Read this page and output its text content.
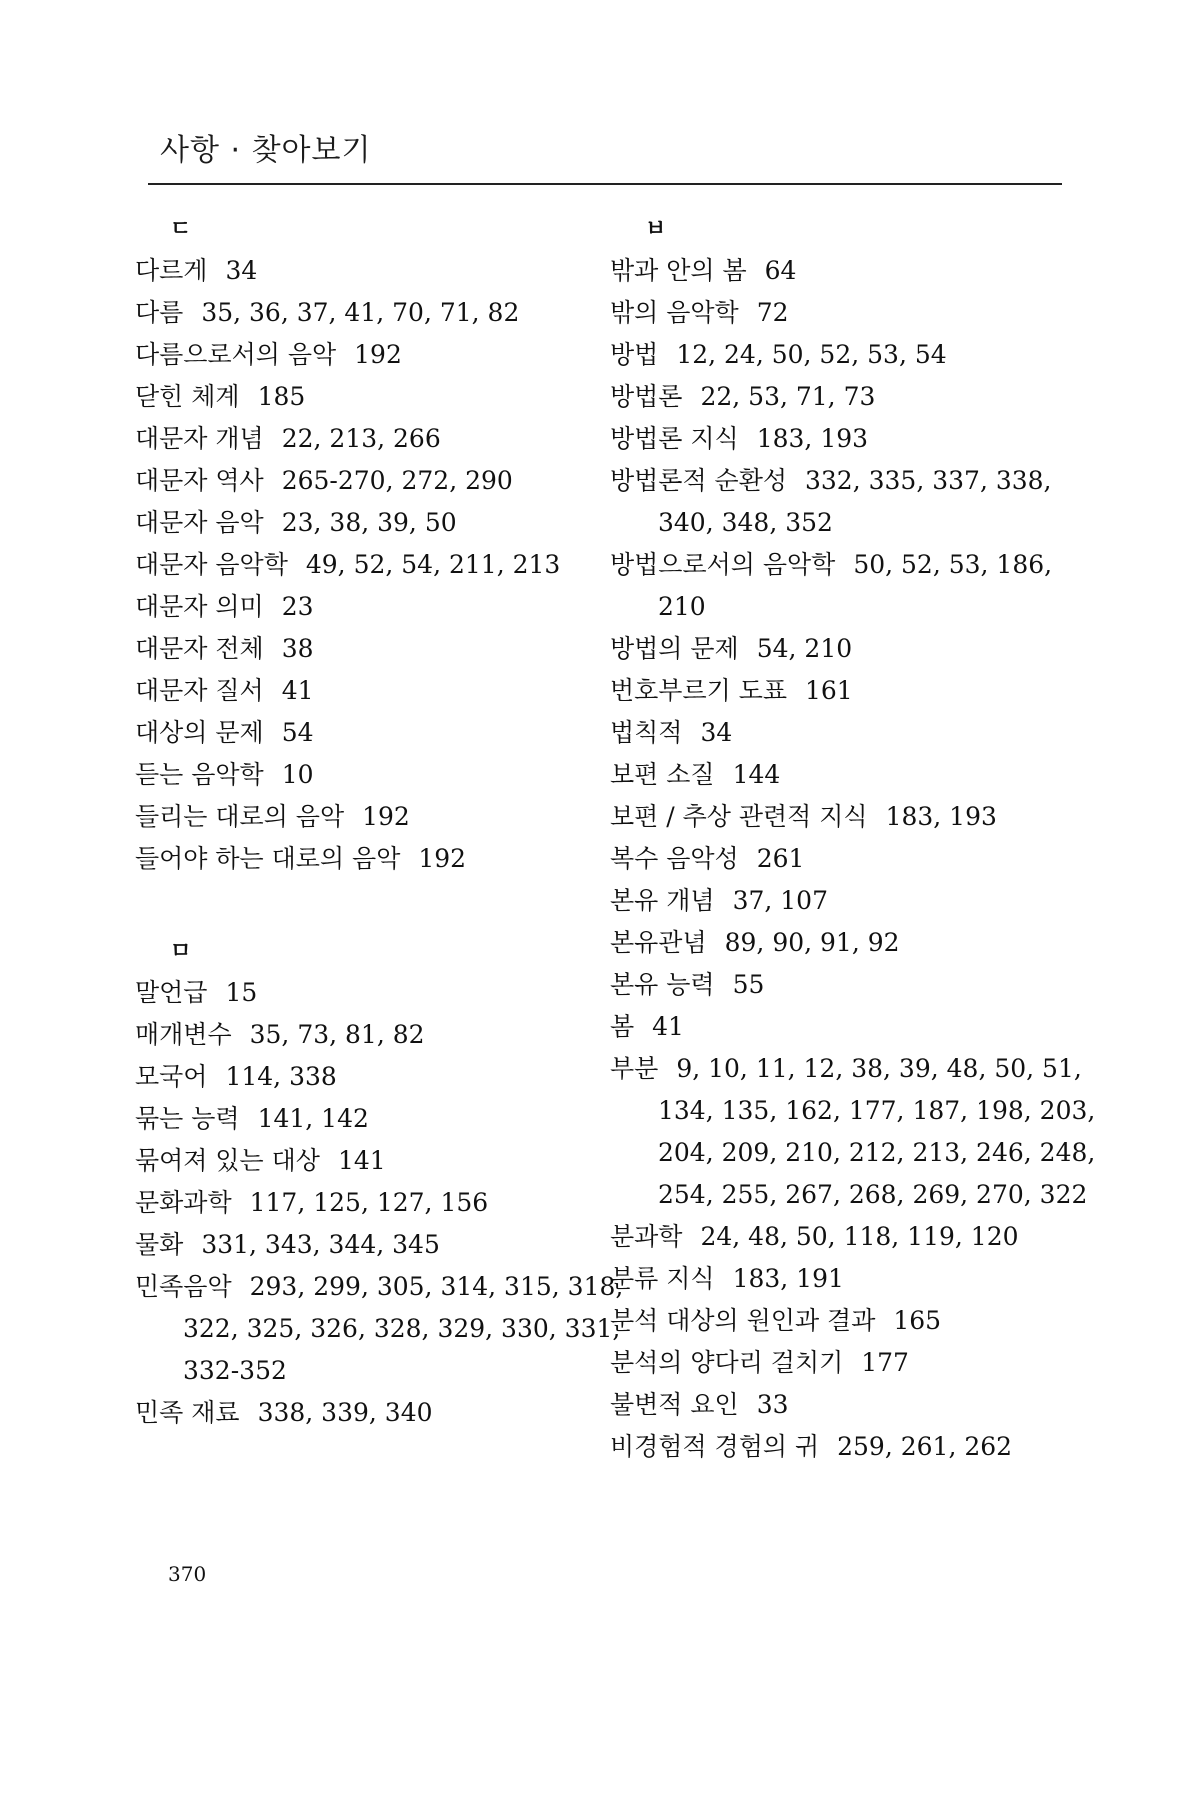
사항 · 찾아보기
ㄷ
다르게 34
다름 35, 36, 37, 41, 70, 71, 82
다름으로서의 음악 192
닫힌 체계 185
대문자 개념 22, 213, 266
대문자 역사 265-270, 272, 290
대문자 음악 23, 38, 39, 50
대문자 음악학 49, 52, 54, 211, 213
대문자 의미 23
대문자 전체 38
대문자 질서 41
대상의 문제 54
듣는 음악학 10
들리는 대로의 음악 192
들어야 하는 대로의 음악 192
ㅁ
말언급 15
매개변수 35, 73, 81, 82
모국어 114, 338
묶는 능력 141, 142
묶여져 있는 대상 141
문화과학 117, 125, 127, 156
물화 331, 343, 344, 345
민족음악 293, 299, 305, 314, 315, 318,
322, 325, 326, 328, 329, 330, 331,
332-352
민족 재료 338, 339, 340
ㅂ
밖과 안의 봄 64
밖의 음악학 72
방법 12, 24, 50, 52, 53, 54
방법론 22, 53, 71, 73
방법론 지식 183, 193
방법론적 순환성 332, 335, 337, 338,
340, 348, 352
방법으로서의 음악학 50, 52, 53, 186,
210
방법의 문제 54, 210
번호부르기 도표 161
법칙적 34
보편 소질 144
보편 / 추상 관련적 지식 183, 193
복수 음악성 261
본유 개념 37, 107
본유관념 89, 90, 91, 92
본유 능력 55
봄 41
부분 9, 10, 11, 12, 38, 39, 48, 50, 51,
134, 135, 162, 177, 187, 198, 203,
204, 209, 210, 212, 213, 246, 248,
254, 255, 267, 268, 269, 270, 322
분과학 24, 48, 50, 118, 119, 120
분류 지식 183, 191
분석 대상의 원인과 결과 165
분석의 양다리 걸치기 177
불변적 요인 33
비경험적 경험의 귀 259, 261, 262
370
